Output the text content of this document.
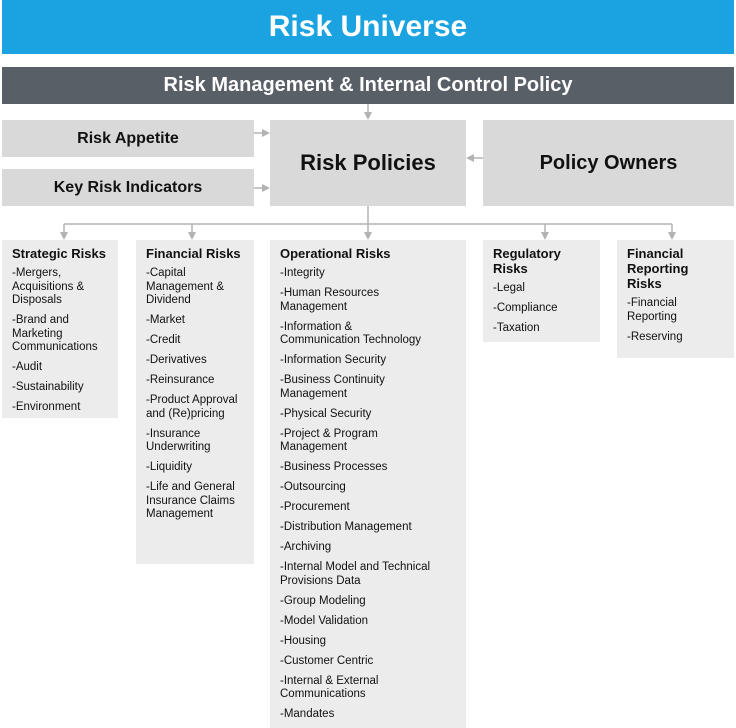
Risk Universe
Risk Management & Internal Control Policy
Risk Appetite
Key Risk Indicators
Risk Policies	Policy Owners
Strategic Risks
-Mergers,
Acquisitions &
Disposals
-Brand and
Marketing
Communications
-Audit
-Sustainability
-Environment
Financial Risks
-Capital
Management &
Dividend
-Market
-Credit
-Derivatives
-Reinsurance
-Product Approval
and (Re)pricing
-Insurance
Underwriting
-Liquidity
-Life and General
Insurance Claims
Management
Operational Risks
-Integrity
-Human Resources
Management
-Information &
Communication Technology
-Information Security
-Business Continuity
Management
-Physical Security
-Project & Program
Management
-Business Processes
-Outsourcing
-Procurement
-Distribution Management
-Archiving
-Internal Model and Technical
Provisions Data
-Group Modeling
-Model Validation
-Housing
-Customer Centric
-Internal & External
Communications
-Mandates
Regulatory
Risks
-Legal
-Compliance
-Taxation
Financial
Reporting Risks
-Financial
Reporting
-Reserving
